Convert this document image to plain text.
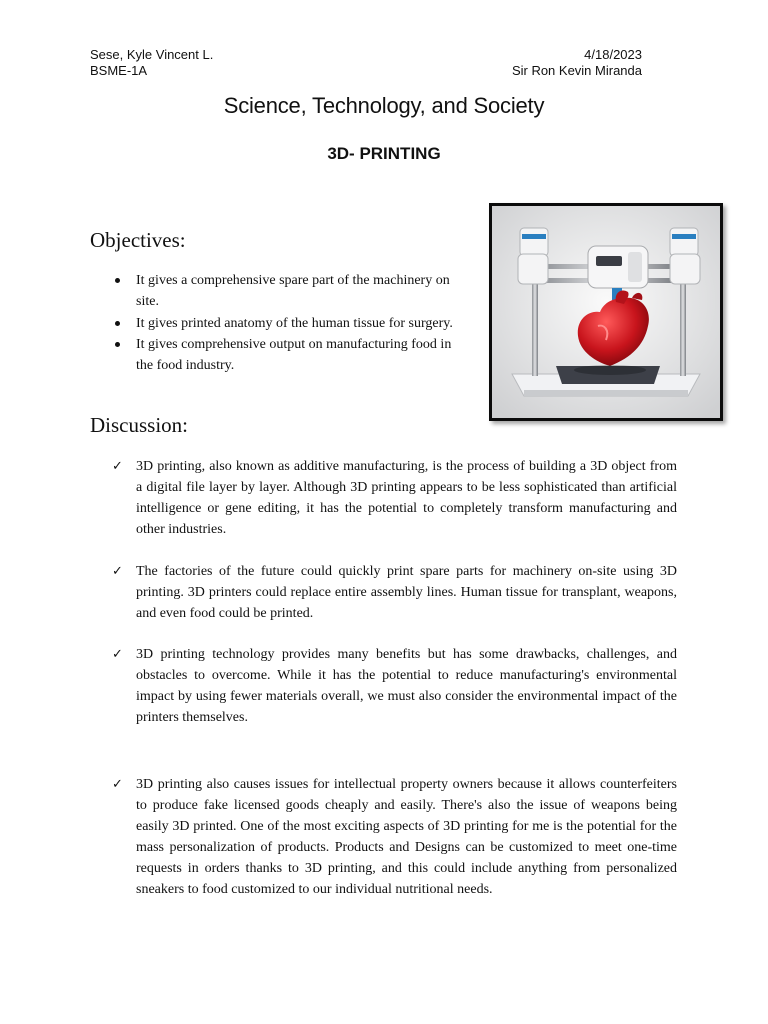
Sese, Kyle Vincent L.
BSME-1A
4/18/2023
Sir Ron Kevin Miranda
Science, Technology, and Society
3D- PRINTING
Objectives:
It gives a comprehensive spare part of the machinery on site.
It gives printed anatomy of the human tissue for surgery.
It gives comprehensive output on manufacturing food in the food industry.
Discussion:
✓ 3D printing, also known as additive manufacturing, is the process of building a 3D object from a digital file layer by layer. Although 3D printing appears to be less sophisticated than artificial intelligence or gene editing, it has the potential to completely transform manufacturing and other industries.
✓ The factories of the future could quickly print spare parts for machinery on-site using 3D printing. 3D printers could replace entire assembly lines. Human tissue for transplant, weapons, and even food could be printed.
✓ 3D printing technology provides many benefits but has some drawbacks, challenges, and obstacles to overcome. While it has the potential to reduce manufacturing's environmental impact by using fewer materials overall, we must also consider the environmental impact of the printers themselves.
✓ 3D printing also causes issues for intellectual property owners because it allows counterfeiters to produce fake licensed goods cheaply and easily. There's also the issue of weapons being easily 3D printed. One of the most exciting aspects of 3D printing for me is the potential for the mass personalization of products. Products and Designs can be customized to meet one-time requests in orders thanks to 3D printing, and this could include anything from personalized sneakers to food customized to our individual nutritional needs.
